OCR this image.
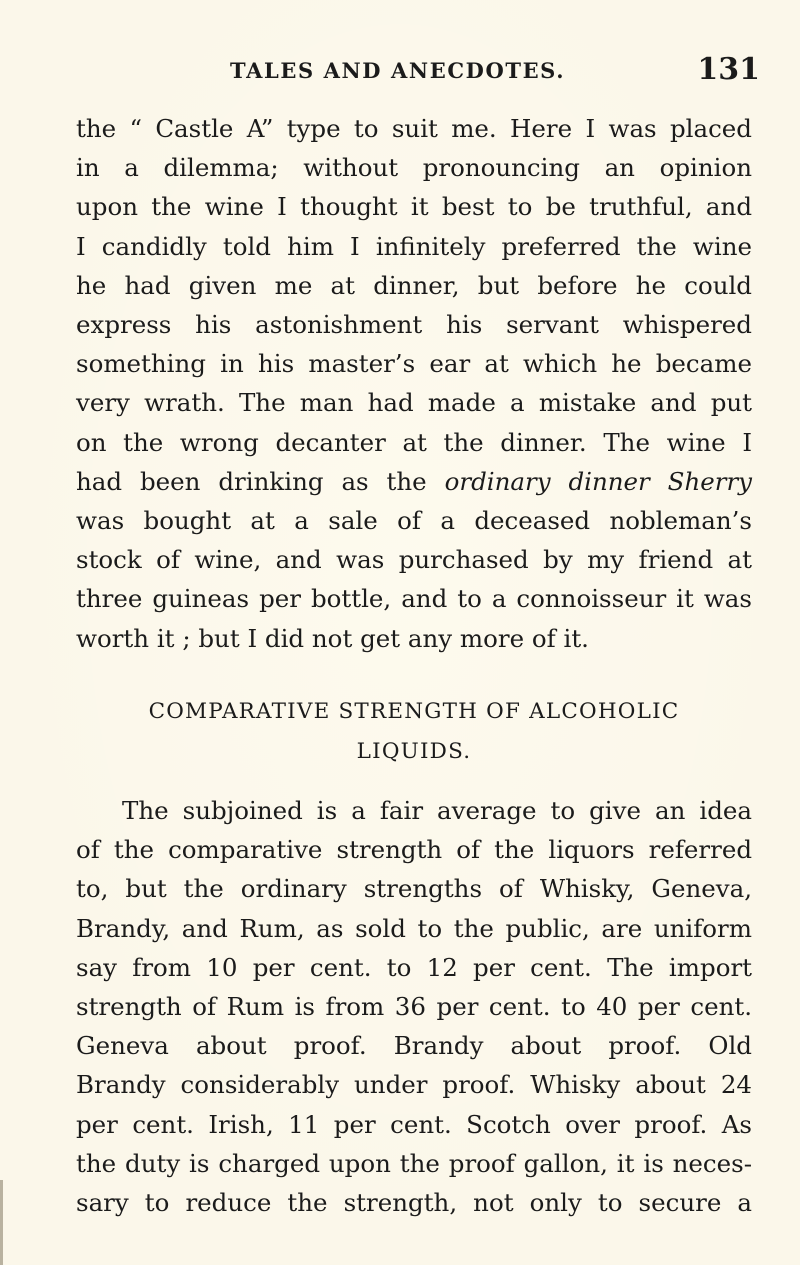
TALES AND ANECDOTES.	131
the “ Castle A” type to suit me. Here I was placed
in a dilemma; without pronouncing an opinion
upon the wine I thought it best to be truthful, and
I candidly told him I infinitely preferred the wine
he had given me at dinner, but before he could
express his astonishment his servant whispered
something in his master’s ear at which he became
very wrath. The man had made a mistake and put
on the wrong decanter at the dinner. The wine I
had been drinking as the ordinary dinner Sherry
was bought at a sale of a deceased nobleman’s
stock of wine, and was purchased by my friend at
three guineas per bottle, and to a connoisseur it was
worth it ; but I did not get any more of it.
COMPARATIVE STRENGTH OF ALCOHOLIC
LIQUIDS.
The subjoined is a fair average to give an idea
of the comparative strength of the liquors referred
to, but the ordinary strengths of Whisky, Geneva,
Brandy, and Rum, as sold to the public, are uniform
say from 10 per cent. to 12 per cent. The import
strength of Rum is from 36 per cent. to 40 per cent.
Geneva about proof. Brandy about proof. Old
Brandy considerably under proof. Whisky about 24
per cent. Irish, 11 per cent. Scotch over proof. As
the duty is charged upon the proof gallon, it is neces-
sary to reduce the strength, not only to secure a
